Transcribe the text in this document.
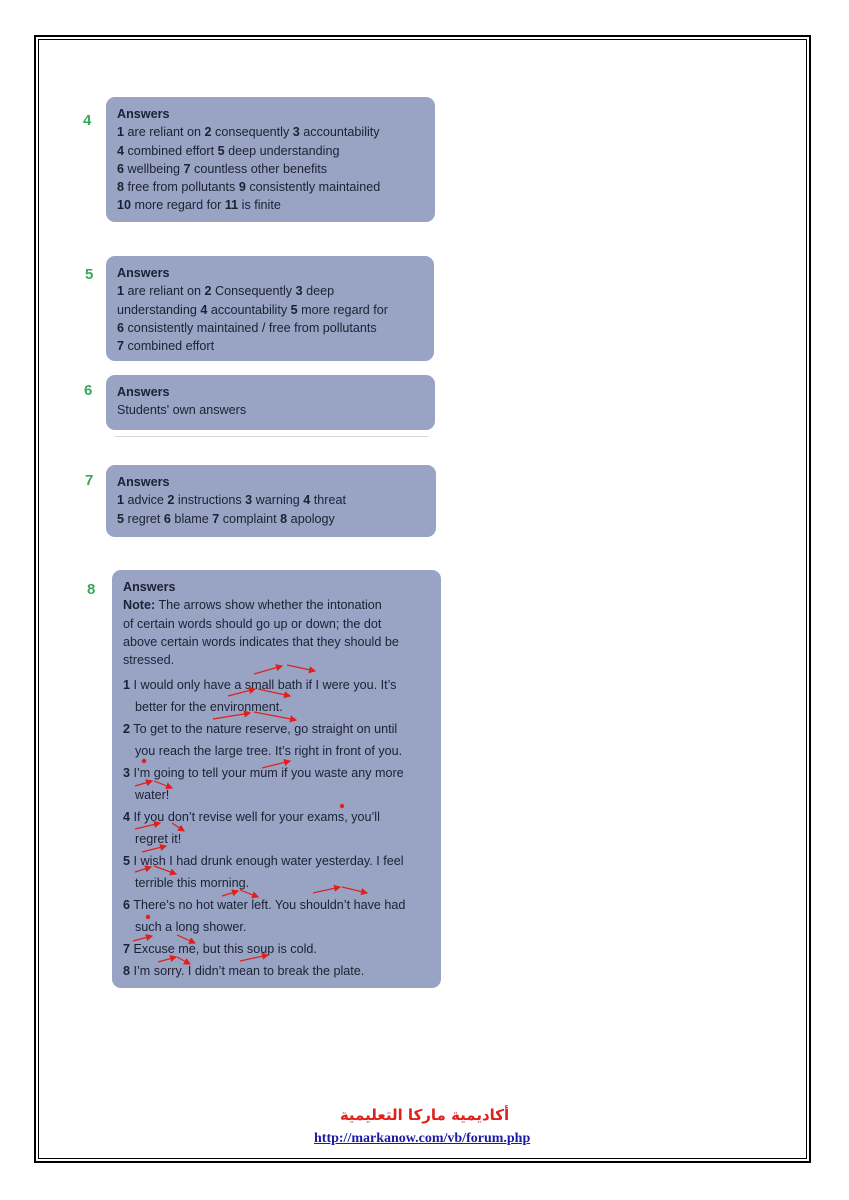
4 Answers
1 are reliant on 2 consequently 3 accountability
4 combined effort 5 deep understanding
6 wellbeing 7 countless other benefits
8 free from pollutants 9 consistently maintained
10 more regard for 11 is finite
5 Answers
1 are reliant on 2 Consequently 3 deep
understanding 4 accountability 5 more regard for
6 consistently maintained / free from pollutants
7 combined effort
6 Answers
Students' own answers
7 Answers
1 advice 2 instructions 3 warning 4 threat
5 regret 6 blame 7 complaint 8 apology
8 Answers
Note: The arrows show whether the intonation
of certain words should go up or down; the dot
above certain words indicates that they should be
stressed.
1 I would only have a small bath if I were you. It’s
better for the environment.
2 To get to the nature reserve, go straight on until
you reach the large tree. It’s right in front of you.
3 I’m going to tell your mum if you waste any more
water!
4 If you don’t revise well for your exams, you’ll
regret it!
5 I wish I had drunk enough water yesterday. I feel
terrible this morning.
6 There’s no hot water left. You shouldn’t have had
such a long shower.
7 Excuse me, but this soup is cold.
8 I’m sorry. I didn’t mean to break the plate.
أكاديمية ماركا التعليمية
http://markanow.com/vb/forum.php
